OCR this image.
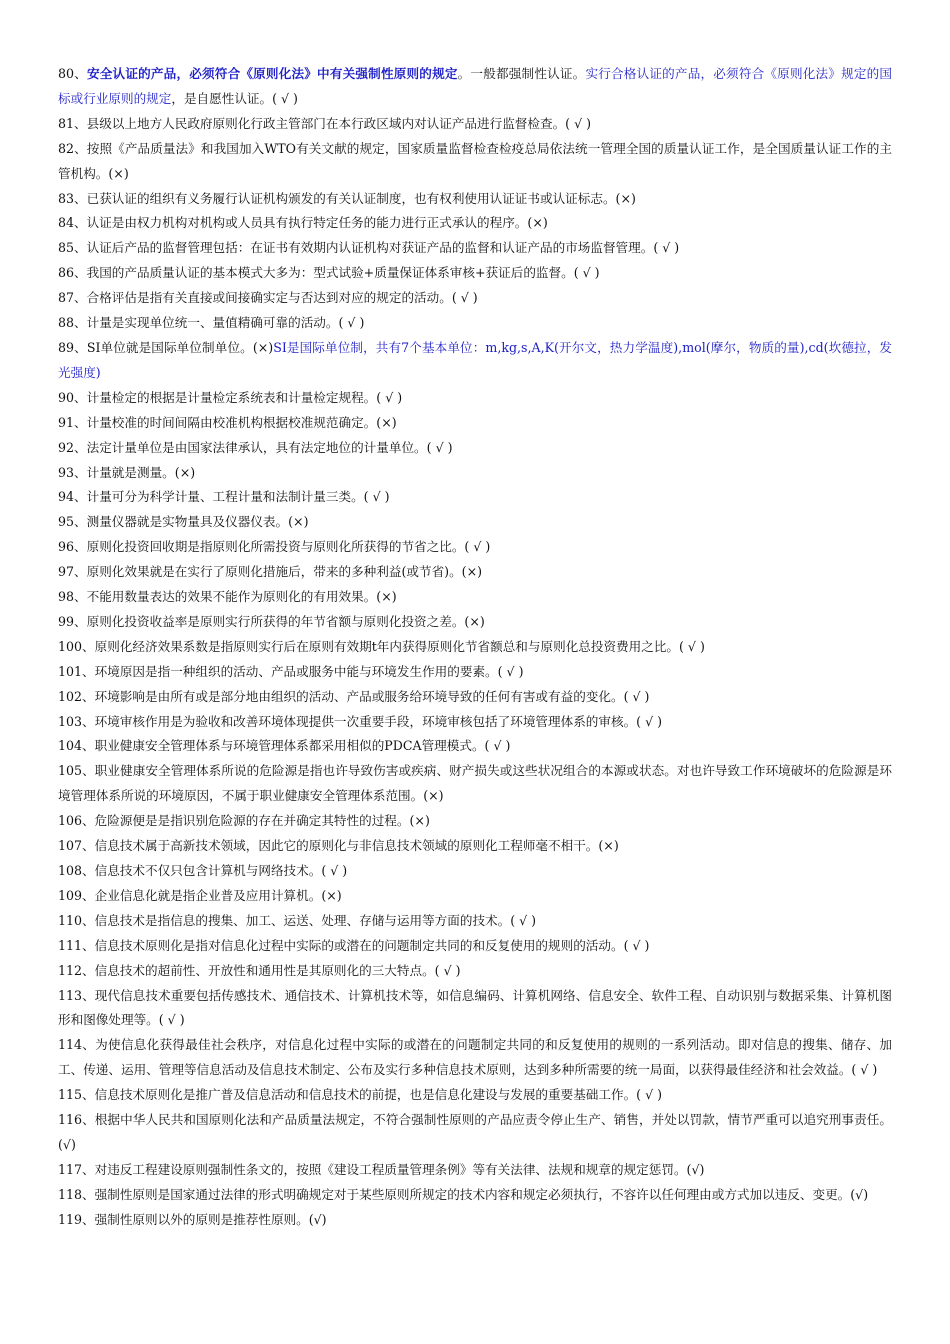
80、安全认证的产品，必须符合《原则化法》中有关强制性原则的规定。一般都强制性认证。实行合格认证的产品，必须符合《原则化法》规定的国标或行业原则的规定，是自愿性认证。( √ )

81、县级以上地方人民政府原则化行政主管部门在本行政区域内对认证产品进行监督检查。( √ )

82、按照《产品质量法》和我国加入WTO有关文献的规定，国家质量监督检查检疫总局依法统一管理全国的质量认证工作，是全国质量认证工作的主管机构。(×)

83、已获认证的组织有义务履行认证机构颁发的有关认证制度，也有权利使用认证证书或认证标志。(×)

84、认证是由权力机构对机构或人员具有执行特定任务的能力进行正式承认的程序。(×)

85、认证后产品的监督管理包括：在证书有效期内认证机构对获证产品的监督和认证产品的市场监督管理。( √ )

86、我国的产品质量认证的基本模式大多为：型式试验+质量保证体系审核+获证后的监督。( √ )

87、合格评估是指有关直接或间接确实定与否达到对应的规定的活动。( √ )

88、计量是实现单位统一、量值精确可靠的活动。( √ )

89、SI单位就是国际单位制单位。(×)SI是国际单位制，共有7个基本单位：m,kg,s,A,K(开尔文，热力学温度),mol(摩尔，物质的量),cd(坎德拉，发光强度)

90、计量检定的根据是计量检定系统表和计量检定规程。( √ )

91、计量校准的时间间隔由校准机构根据校准规范确定。(×)

92、法定计量单位是由国家法律承认，具有法定地位的计量单位。( √ )

93、计量就是测量。(×)

94、计量可分为科学计量、工程计量和法制计量三类。( √ )

95、测量仪器就是实物量具及仪器仪表。(×)

96、原则化投资回收期是指原则化所需投资与原则化所获得的节省之比。( √ )

97、原则化效果就是在实行了原则化措施后，带来的多种利益(或节省)。(×)

98、不能用数量表达的效果不能作为原则化的有用效果。(×)

99、原则化投资收益率是原则实行所获得的年节省额与原则化投资之差。(×)

100、原则化经济效果系数是指原则实行后在原则有效期t年内获得原则化节省额总和与原则化总投资费用之比。( √ )

101、环境原因是指一种组织的活动、产品或服务中能与环境发生作用的要素。( √ )

102、环境影响是由所有或是部分地由组织的活动、产品或服务给环境导致的任何有害或有益的变化。( √ )

103、环境审核作用是为验收和改善环境体现提供一次重要手段，环境审核包括了环境管理体系的审核。( √ )

104、职业健康安全管理体系与环境管理体系都采用相似的PDCA管理模式。( √ )

105、职业健康安全管理体系所说的危险源是指也许导致伤害或疾病、财产损失或这些状况组合的本源或状态。对也许导致工作环境破坏的危险源是环境管理体系所说的环境原因，不属于职业健康安全管理体系范围。(×)

106、危险源便是是指识别危险源的存在并确定其特性的过程。(×)

107、信息技术属于高新技术领域，因此它的原则化与非信息技术领域的原则化工程师毫不相干。(×)

108、信息技术不仅只包含计算机与网络技术。( √ )

109、企业信息化就是指企业普及应用计算机。(×)

110、信息技术是指信息的搜集、加工、运送、处理、存储与运用等方面的技术。( √ )

111、信息技术原则化是指对信息化过程中实际的或潜在的问题制定共同的和反复使用的规则的活动。( √ )

112、信息技术的超前性、开放性和通用性是其原则化的三大特点。( √ )

113、现代信息技术重要包括传感技术、通信技术、计算机技术等，如信息编码、计算机网络、信息安全、软件工程、自动识别与数据采集、计算机图形和图像处理等。( √ )

114、为使信息化获得最佳社会秩序，对信息化过程中实际的或潜在的问题制定共同的和反复使用的规则的一系列活动。即对信息的搜集、储存、加工、传递、运用、管理等信息活动及信息技术制定、公布及实行多种信息技术原则，达到多种所需要的统一局面，以获得最佳经济和社会效益。( √ )

115、信息技术原则化是推广普及信息活动和信息技术的前提，也是信息化建设与发展的重要基础工作。( √ )

116、根据中华人民共和国原则化法和产品质量法规定，不符合强制性原则的产品应责令停止生产、销售，并处以罚款，情节严重可以追究刑事责任。(√)

117、对违反工程建设原则强制性条文的，按照《建设工程质量管理条例》等有关法律、法规和规章的规定惩罚。(√)

118、强制性原则是国家通过法律的形式明确规定对于某些原则所规定的技术内容和规定必须执行，不容许以任何理由或方式加以违反、变更。(√)

119、强制性原则以外的原则是推荐性原则。(√)
